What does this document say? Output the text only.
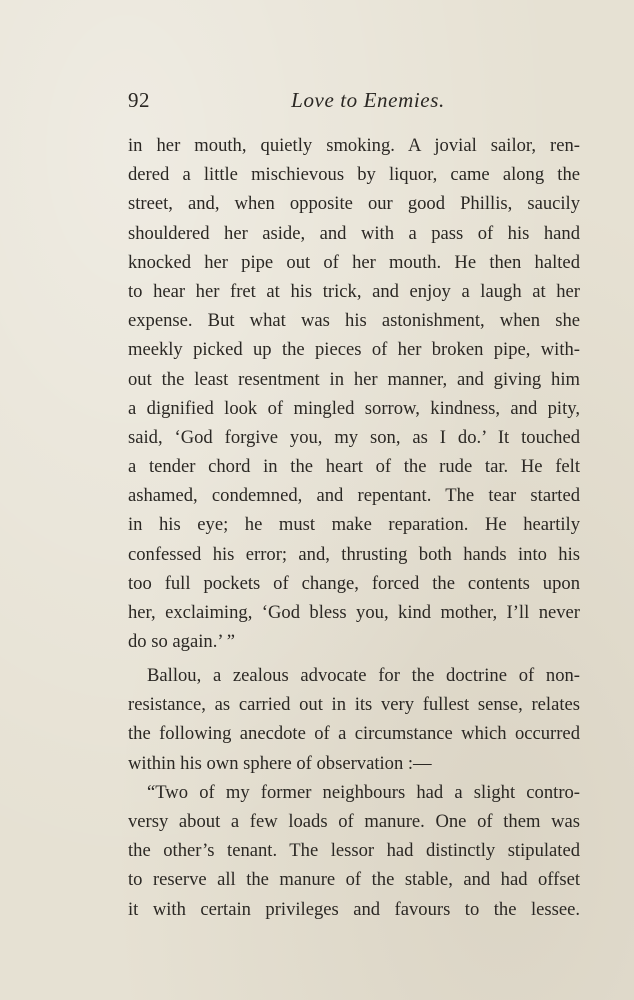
92	Love to Enemies.
in her mouth, quietly smoking. A jovial sailor, ren-
dered a little mischievous by liquor, came along the
street, and, when opposite our good Phillis, saucily
shouldered her aside, and with a pass of his hand
knocked her pipe out of her mouth. He then halted
to hear her fret at his trick, and enjoy a laugh at her
expense. But what was his astonishment, when she
meekly picked up the pieces of her broken pipe, with-
out the least resentment in her manner, and giving him
a dignified look of mingled sorrow, kindness, and pity,
said, ‘God forgive you, my son, as I do.’ It touched
a tender chord in the heart of the rude tar. He felt
ashamed, condemned, and repentant. The tear started
in his eye; he must make reparation. He heartily
confessed his error; and, thrusting both hands into his
too full pockets of change, forced the contents upon
her, exclaiming, ‘God bless you, kind mother, I’ll never
do so again.’ ”
Ballou, a zealous advocate for the doctrine of non-
resistance, as carried out in its very fullest sense, relates
the following anecdote of a circumstance which occurred
within his own sphere of observation :—
“Two of my former neighbours had a slight contro-
versy about a few loads of manure. One of them was
the other’s tenant. The lessor had distinctly stipulated
to reserve all the manure of the stable, and had offset
it with certain privileges and favours to the lessee.
